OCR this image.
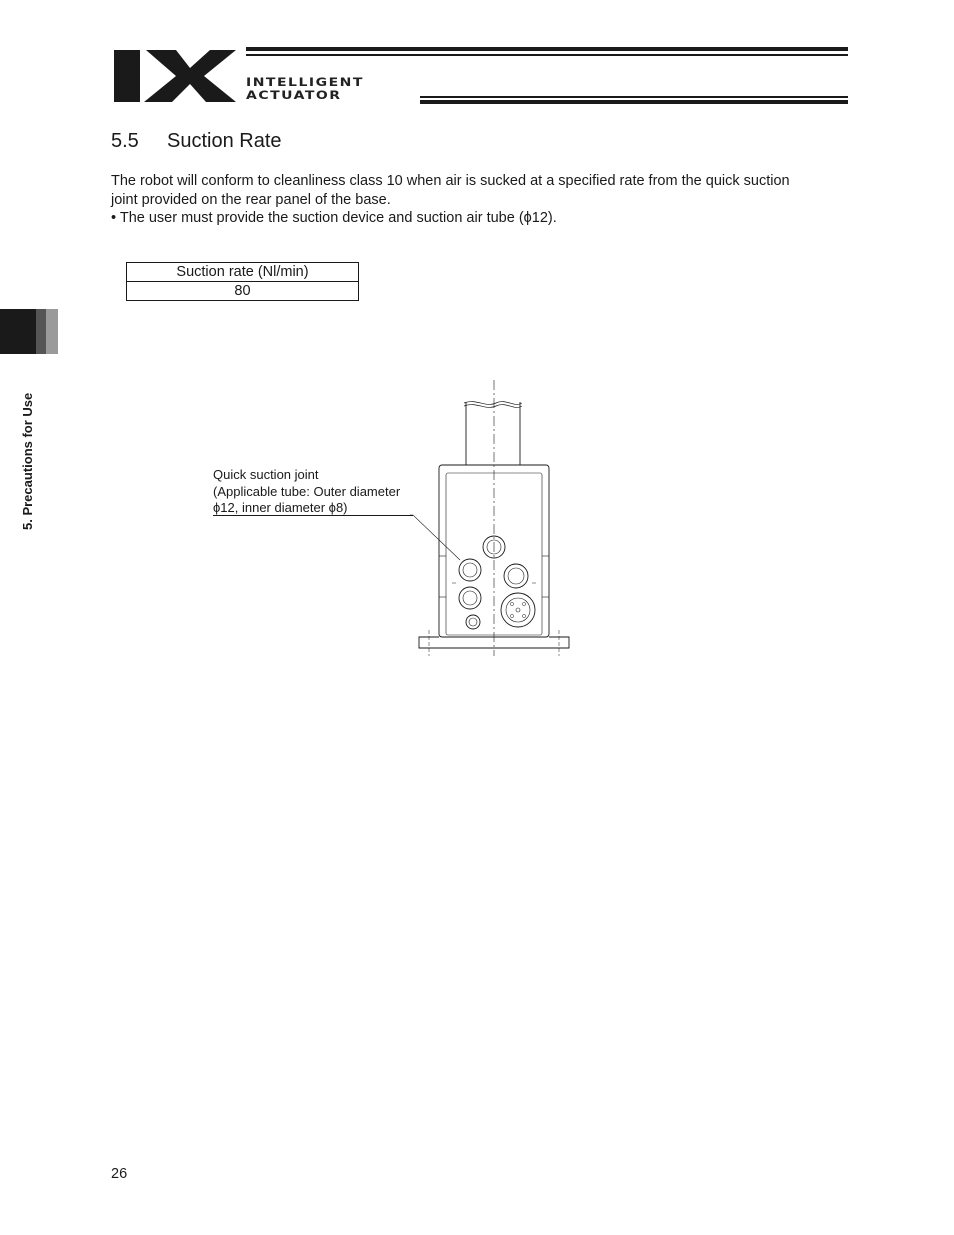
INTELLIGENT
ACTUATOR
5.5 Suction Rate

The robot will conform to cleanliness class 10 when air is sucked at a specified rate from the quick suction

joint provided on the rear panel of the base.

• The user must provide the suction device and suction air tube (ϕ12).

Suction rate (Nl/min)
80
5. Precautions for Use	Quick suction joint
(Applicable tube: Outer diameter
ϕ12, inner diameter ϕ8)
26
